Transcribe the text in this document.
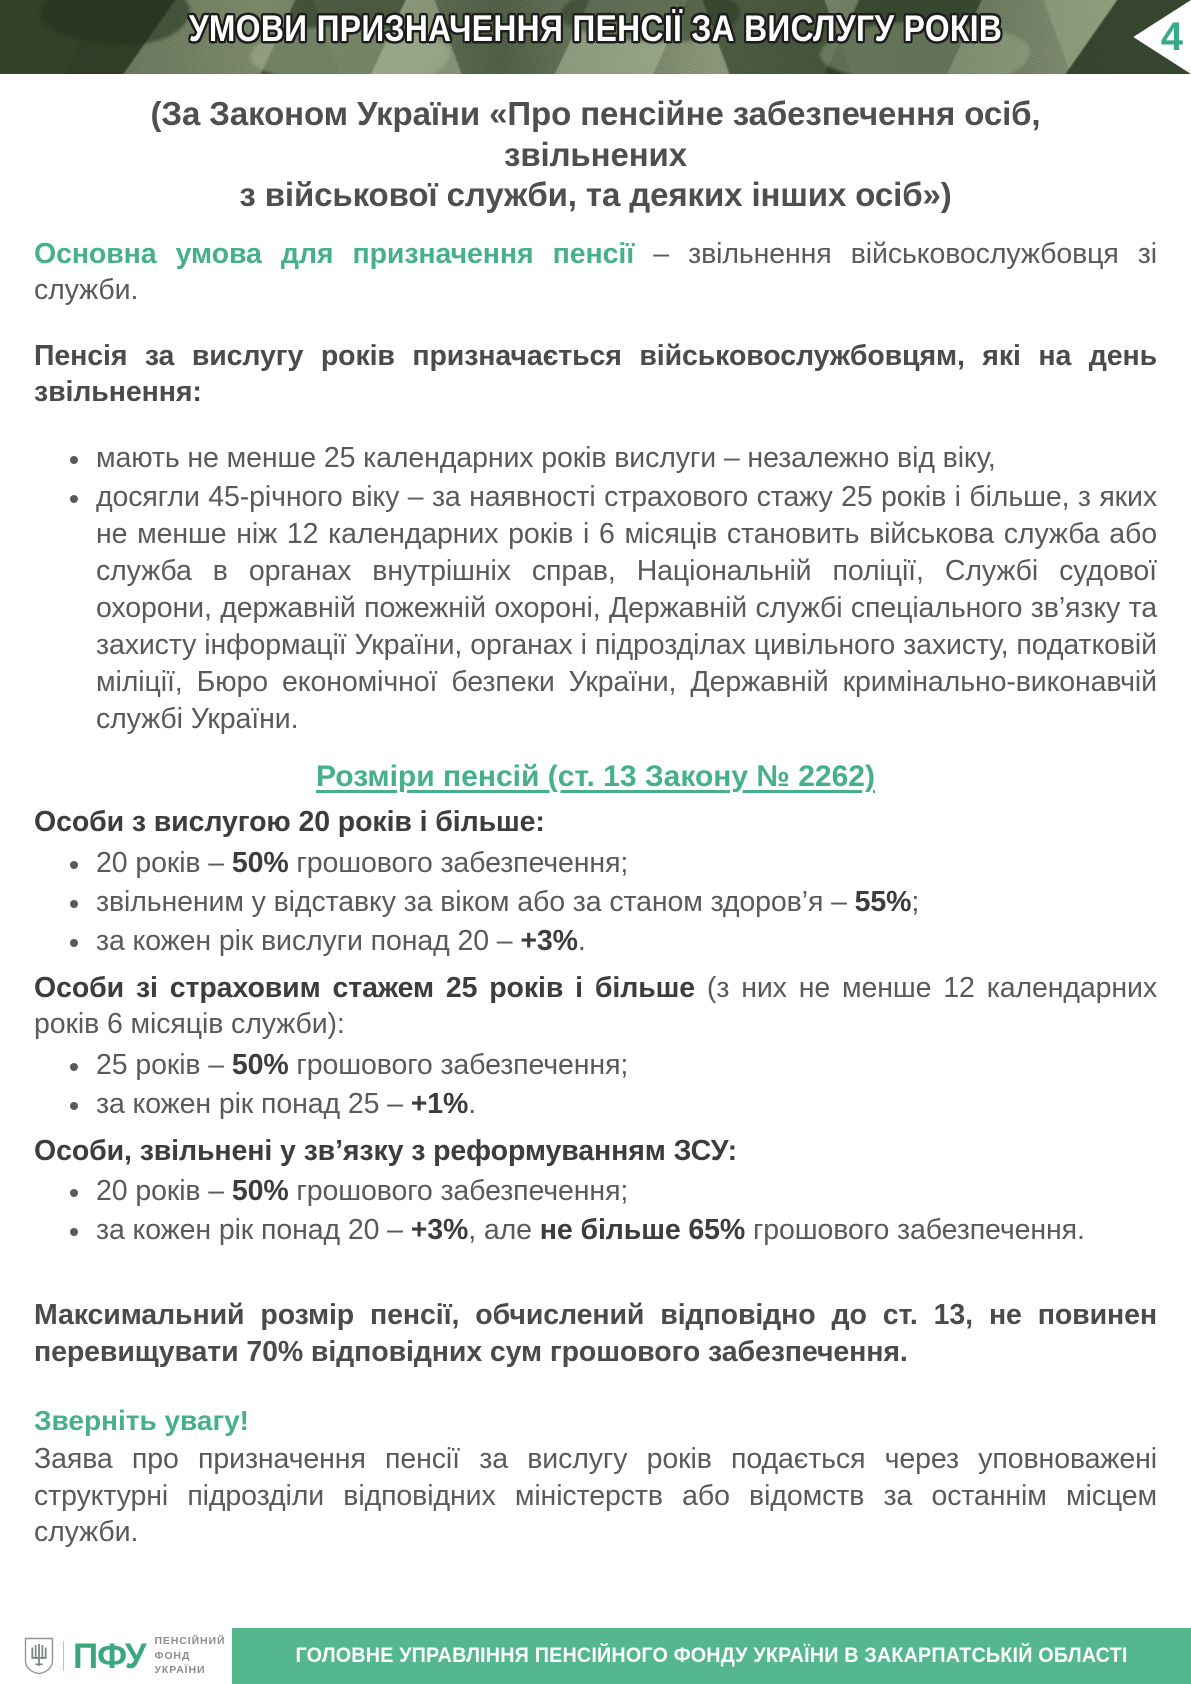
УМОВИ ПРИЗНАЧЕННЯ ПЕНСІЇ ЗА ВИСЛУГУ РОКІВ	4
(За Законом України «Про пенсійне забезпечення осіб, звільнених
з військової служби, та деяких інших осіб»)

Основна умова для призначення пенсії – звільнення військовослужбовця зі служби.

Пенсія за вислугу років призначається військовослужбовцям, які на день звільнення:

мають не менше 25 календарних років вислуги – незалежно від віку,
досягли 45-річного віку – за наявності страхового стажу 25 років і більше, з яких не менше ніж 12 календарних років і 6 місяців становить військова служба або служба в органах внутрішніх справ, Національній поліції, Службі судової охорони, державній пожежній охороні, Державній службі спеціального зв’язку та захисту інформації України, органах і підрозділах цивільного захисту, податковій міліції, Бюро економічної безпеки України, Державній кримінально-виконавчій службі України.
Розміри пенсій (ст. 13 Закону № 2262)
Особи з вислугою 20 років і більше:
20 років – 50% грошового забезпечення;
звільненим у відставку за віком або за станом здоров’я – 55%;
за кожен рік вислуги понад 20 – +3%.
Особи зі страховим стажем 25 років і більше (з них не менше 12 календарних років 6 місяців служби):
25 років – 50% грошового забезпечення;
за кожен рік понад 25 – +1%.
Особи, звільнені у зв’язку з реформуванням ЗСУ:
20 років – 50% грошового забезпечення;
за кожен рік понад 20 – +3%, але не більше 65% грошового забезпечення.

Максимальний розмір пенсії, обчислений відповідно до ст. 13, не повинен перевищувати 70% відповідних сум грошового забезпечення.

Зверніть увагу!

Заява про призначення пенсії за вислугу років подається через уповноважені структурні підрозділи відповідних міністерств або відомств за останнім місцем служби.

ПФУ ПЕНСІЙНИЙ
ФОНД
УКРАЇНИ
ГОЛОВНЕ УПРАВЛІННЯ ПЕНСІЙНОГО ФОНДУ УКРАЇНИ В ЗАКАРПАТСЬКІЙ ОБЛАСТІ
